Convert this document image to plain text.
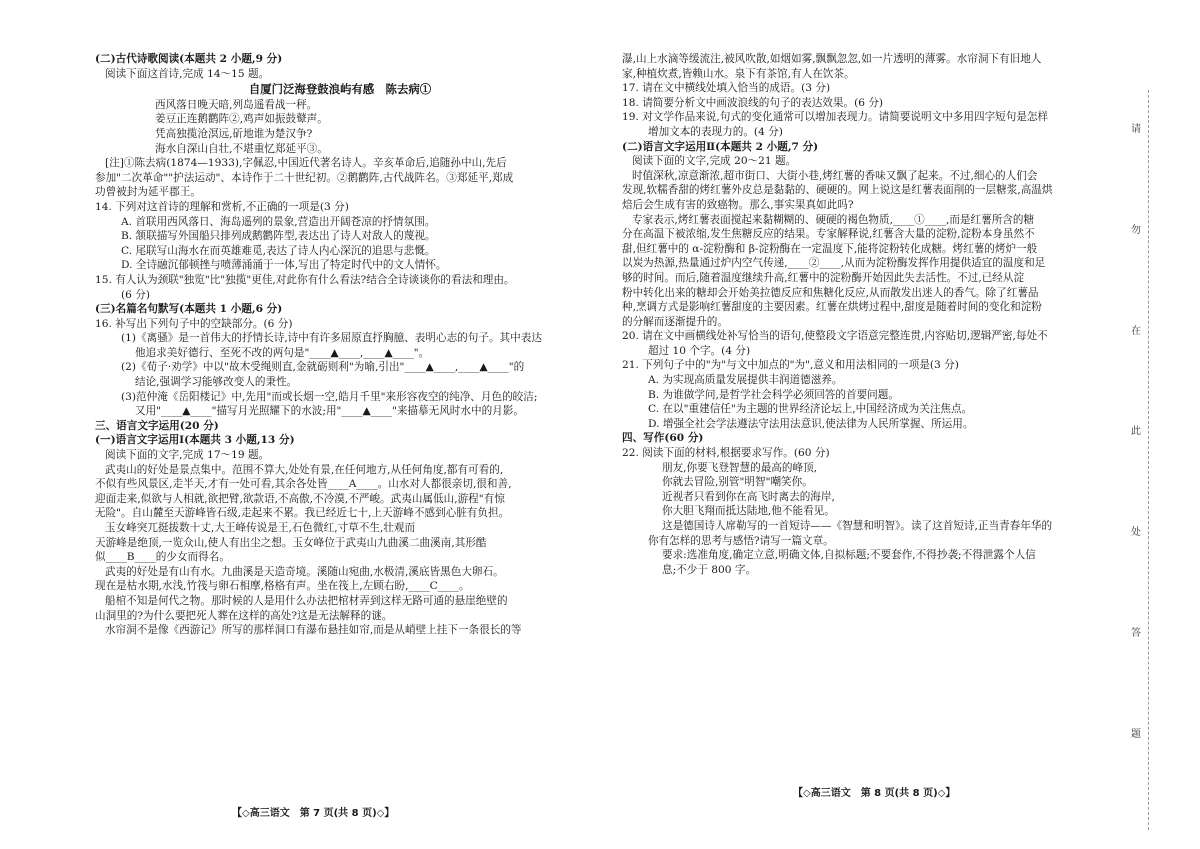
(二)古代诗歌阅读(本题共 2 小题,9 分)
阅读下面这首诗,完成 14～15 题。
自厦门泛海登鼓浪屿有感　陈去病①
西风落日晚天暗,列岛遥看战一秤。
姜豆正连鹅鹳阵②,鸡声如振鼓鼙声。
凭高独揽沧溟远,斫地谁为楚汉争?
海水自深山自壮,不堪重忆郑延平③。
[注]①陈去病(1874—1933),字佩忍,中国近代著名诗人。辛亥革命后,追随孙中山,先后
参加"二次革命""护法运动"、本诗作于二十世纪初。②鹅鹳阵,古代战阵名。③郑延平,郑成
功曾被封为延平郡王。
14. 下列对这首诗的理解和赏析,不正确的一项是(3 分)
A. 首联用西风落日、海岛遥列的景象,营造出开阔苍凉的抒情氛围。
B. 颔联描写外国船只排列成鹅鹳阵型,表达出了诗人对敌人的蔑视。
C. 尾联写山海水在而英雄难觅,表达了诗人内心深沉的追思与悲慨。
D. 全诗融沉郁顿挫与喷薄涌涌于一体,写出了特定时代中的文人情怀。
15. 有人认为颈联"独览"比"独揽"更佳,对此你有什么看法?结合全诗谈谈你的看法和理由。
(6 分)
(三)名篇名句默写(本题共 1 小题,6 分)
16. 补写出下列句子中的空缺部分。(6 分)
(1)《离骚》是一首伟大的抒情长诗,诗中有许多屈原直抒胸臆、表明心志的句子。其中表达
他追求美好德行、至死不改的两句是"____▲____,____▲____"。
(2)《荀子·劝学》中以"故木受绳则直,金就砺则利"为喻,引出"____▲____,____▲____"的
结论,强调学习能够改变人的秉性。
(3)范仲淹《岳阳楼记》中,先用"而或长烟一空,皓月千里"来形容夜空的纯净、月色的皎洁;
又用"____▲____"描写月光照耀下的水波;用"____▲____"来描摹无风时水中的月影。
三、语言文字运用(20 分)
(一)语言文字运用Ⅰ(本题共 3 小题,13 分)
阅读下面的文字,完成 17～19 题。
武夷山的好处是景点集中。范围不算大,处处有景,在任何地方,从任何角度,都有可看的,
不似有些风景区,走半天,才有一处可看,其余各处皆____A____。山水对人都很亲切,很和善,
迎面走来,似欲与人相就,欲把臂,欲款语,不高傲,不冷漠,不严峻。武夷山属低山,游程"有惊
无险"。自山麓至天游峰皆石级,走起来不累。我已经近七十,上天游峰不感到心脏有负担。
玉女峰突兀挺拔数十丈,大王峰传说是王,石色微红,寸草不生,壮观而
天游峰是绝顶,一览众山,使人有出尘之想。玉女峰位于武夷山九曲溪二曲溪南,其形酷
似____B____的少女而得名。
武夷的好处是有山有水。九曲溪是天造奇境。溪随山宛曲,水极清,溪底皆黑色大卵石。
现在是枯水期,水浅,竹筏与卵石相摩,格格有声。坐在筏上,左顾右盼,____C____。
船棺不知是何代之物。那时候的人是用什么办法把棺材弄到这样无路可通的悬崖绝壁的
山洞里的?为什么要把死人葬在这样的高处?这是无法解释的谜。
水帘洞不是像《西游记》所写的那样洞口有瀑布悬挂如帘,而是从峭壁上挂下一条很长的等
瀑,山上水滴等缓流注,被风吹散,如烟如雾,飘飘忽忽,如一片透明的薄雾。水帘洞下有旧地人
家,种植炊煮,皆赖山水。泉下有茶馆,有人在饮茶。
17. 请在文中横线处填入恰当的成语。(3 分)
18. 请简要分析文中画波浪线的句子的表达效果。(6 分)
19. 对文学作品来说,句式的变化通常可以增加表现力。请简要说明文中多用四字短句是怎样
增加文本的表现力的。(4 分)
(二)语言文字运用Ⅱ(本题共 2 小题,7 分)
阅读下面的文字,完成 20～21 题。
时值深秋,凉意渐浓,超市街口、大街小巷,烤红薯的香味又飘了起来。不过,细心的人们会
发现,软糯香甜的烤红薯外皮总是黏黏的、硬硬的。网上说这是红薯表面削的一层糖浆,高温烘
焙后会生成有害的致癌物。那么,事实果真如此吗?
专家表示,烤红薯表面搅起来黏糊糊的、硬硬的褐色物质,____①____,而是红薯所含的糖
分在高温下被浓缩,发生焦糖反应的结果。专家解释说,红薯含大量的淀粉,淀粉本身虽然不
甜,但红薯中的 α-淀粉酶和 β-淀粉酶在一定温度下,能将淀粉转化成糖。烤红薯的烤炉一般
以炭为热源,热量通过炉内空气传递,____②____,从而为淀粉酶发挥作用提供适宜的温度和足
够的时间。而后,随着温度继续升高,红薯中的淀粉酶开始因此失去活性。不过,已经从淀
粉中转化出来的糖却会开始美拉德反应和焦糖化反应,从而散发出迷人的香气。除了红薯品
种,烹调方式是影响红薯甜度的主要因素。红薯在烘烤过程中,甜度是随着时间的变化和淀粉
的分解而逐渐提升的。
20. 请在文中画横线处补写恰当的语句,使整段文字语意完整连贯,内容贴切,逻辑严密,每处不
超过 10 个字。(4 分)
21. 下列句子中的"为"与文中加点的"为",意义和用法相同的一项是(3 分)
A. 为实现高质量发展提供丰润道德滋养。
B. 为谁做学问,是哲学社会科学必须回答的首要问题。
C. 在以"重建信任"为主题的世界经济论坛上,中国经济成为关注焦点。
D. 增强全社会学法遵法守法用法意识,使法律为人民所掌握、所运用。
四、写作(60 分)
22. 阅读下面的材料,根据要求写作。(60 分)
朋友,你要飞登智慧的最高的峰顶,
你就去冒险,别管"明智"嘲笑你。
近视者只看到你在高飞时离去的海岸,
你大胆飞翔而抵达陆地,他不能看见。
这是德国诗人席勒写的一首短诗——《智慧和明智》。读了这首短诗,正当青春年华的
你有怎样的思考与感悟?请写一篇文章。
要求:选准角度,确定立意,明确文体,自拟标题;不要套作,不得抄袭;不得泄露个人信
息;不少于 800 字。
【◇高三语文　第 7 页(共 8 页)◇】
【◇高三语文　第 8 页(共 8 页)◇】
请
勿
在
此
处
答
题
